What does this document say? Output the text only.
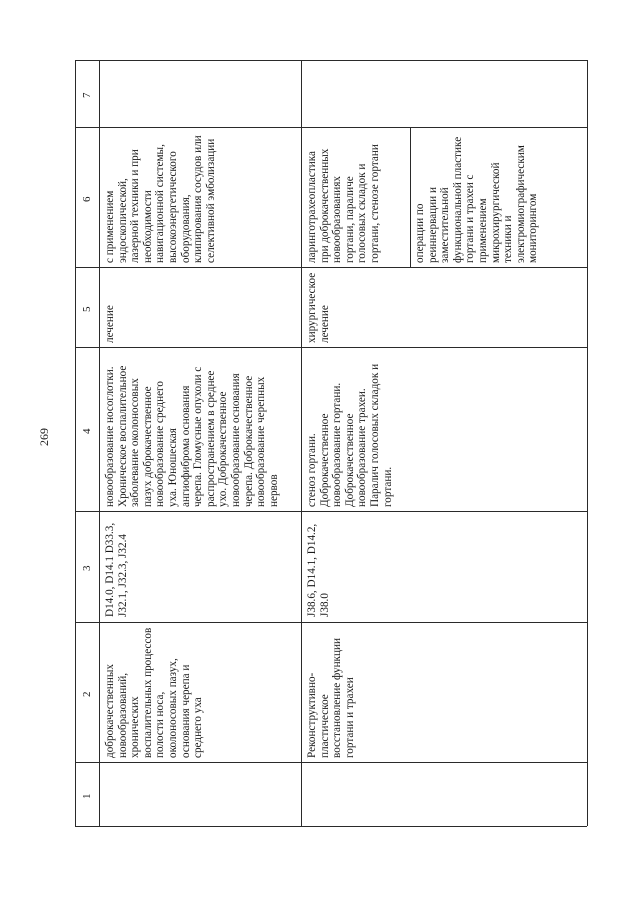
269
7
6
5
4
3
2
1
доброкачественных
новообразований,
хронических
воспалительных процессов
полости носа,
околоносовых пазух,
основания черепа и
среднего уха
D14.0, D14.1 D33.3,
J32.1, J32.3, J32.4
новообразование носоглотки.
Хроническое воспалительное
заболевание околоносовых
пазух доброкачественное
новообразование среднего
уха. Юношеская
ангиофиброма основания
черепа. Гломусные опухоли с
распространением в среднее
ухо. Доброкачественное
новообразование основания
черепа. Доброкачественное
новообразование черепных
нервов
лечение
с применением
эндоскопической,
лазерной техники и при
необходимости
навигационной системы,
высокоэнергетического
оборудования,
клипирования сосудов или
селективной эмболизации
Реконструктивно-
пластическое
восстановление функции
гортани и трахеи
J38.6, D14.1, D14.2,
J38.0
стеноз гортани.
Доброкачественное
новообразование гортани.
Доброкачественное
новообразование трахеи.
Паралич голосовых складок и
гортани.
хирургическое
лечение
ларинготрахеопластика
при доброкачественных
новообразованиях
гортани, параличе
голосовых складок и
гортани, стенозе гортани
операции по
реиннервации и
заместительной
функциональной пластике
гортани и трахеи с
применением
микрохирургической
техники и
электромиографическим
мониторингом
